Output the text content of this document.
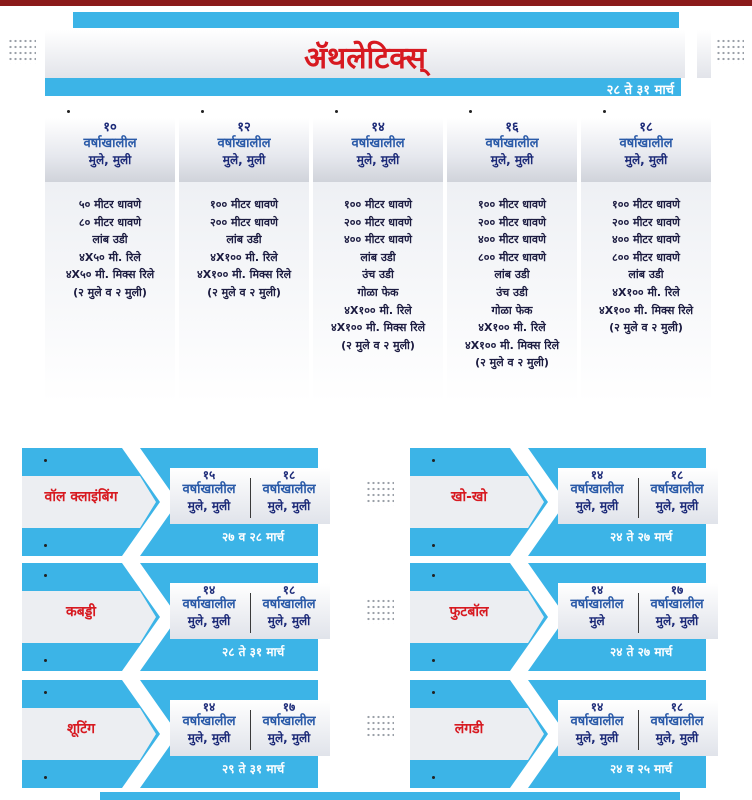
ॲथलेटिक्स्
२८ ते ३१ मार्च
१०
वर्षाखालील
मुले, मुली
५० मीटर धावणे
८० मीटर धावणे
लांब उडी
४X५० मी. रिले
४X५० मी. मिक्स रिले
(२ मुले व २ मुली)
१२
वर्षाखालील
मुले, मुली
१०० मीटर धावणे
२०० मीटर धावणे
लांब उडी
४X१०० मी. रिले
४X१०० मी. मिक्स रिले
(२ मुले व २ मुली)
१४
वर्षाखालील
मुले, मुली
१०० मीटर धावणे
२०० मीटर धावणे
४०० मीटर धावणे
लांब उडी
उंच उडी
गोळा फेक
४X१०० मी. रिले
४X१०० मी. मिक्स रिले
(२ मुले व २ मुली)
१६
वर्षाखालील
मुले, मुली
१०० मीटर धावणे
२०० मीटर धावणे
४०० मीटर धावणे
८०० मीटर धावणे
लांब उडी
उंच उडी
गोळा फेक
४X१०० मी. रिले
४X१०० मी. मिक्स रिले
(२ मुले व २ मुली)
१८
वर्षाखालील
मुले, मुली
१०० मीटर धावणे
२०० मीटर धावणे
४०० मीटर धावणे
८०० मीटर धावणे
लांब उडी
४X१०० मी. रिले
४X१०० मी. मिक्स रिले
(२ मुले व २ मुली)
वॉल क्लाइंबिंग
१५
वर्षाखालील
मुले, मुली
१८
वर्षाखालील
मुले, मुली
२७ व २८ मार्च
खो-खो
१४
वर्षाखालील
मुले, मुली
१८
वर्षाखालील
मुले, मुली
२४ ते २७ मार्च
कबड्डी
१४
वर्षाखालील
मुले, मुली
१८
वर्षाखालील
मुले, मुली
२८ ते ३१ मार्च
फुटबॉल
१४
वर्षाखालील
मुले
१७
वर्षाखालील
मुले, मुली
२४ ते २७ मार्च
शूटिंग
१४
वर्षाखालील
मुले, मुली
१७
वर्षाखालील
मुले, मुली
२९ ते ३१ मार्च
लंगडी
१४
वर्षाखालील
मुले, मुली
१८
वर्षाखालील
मुले, मुली
२४ व २५ मार्च
